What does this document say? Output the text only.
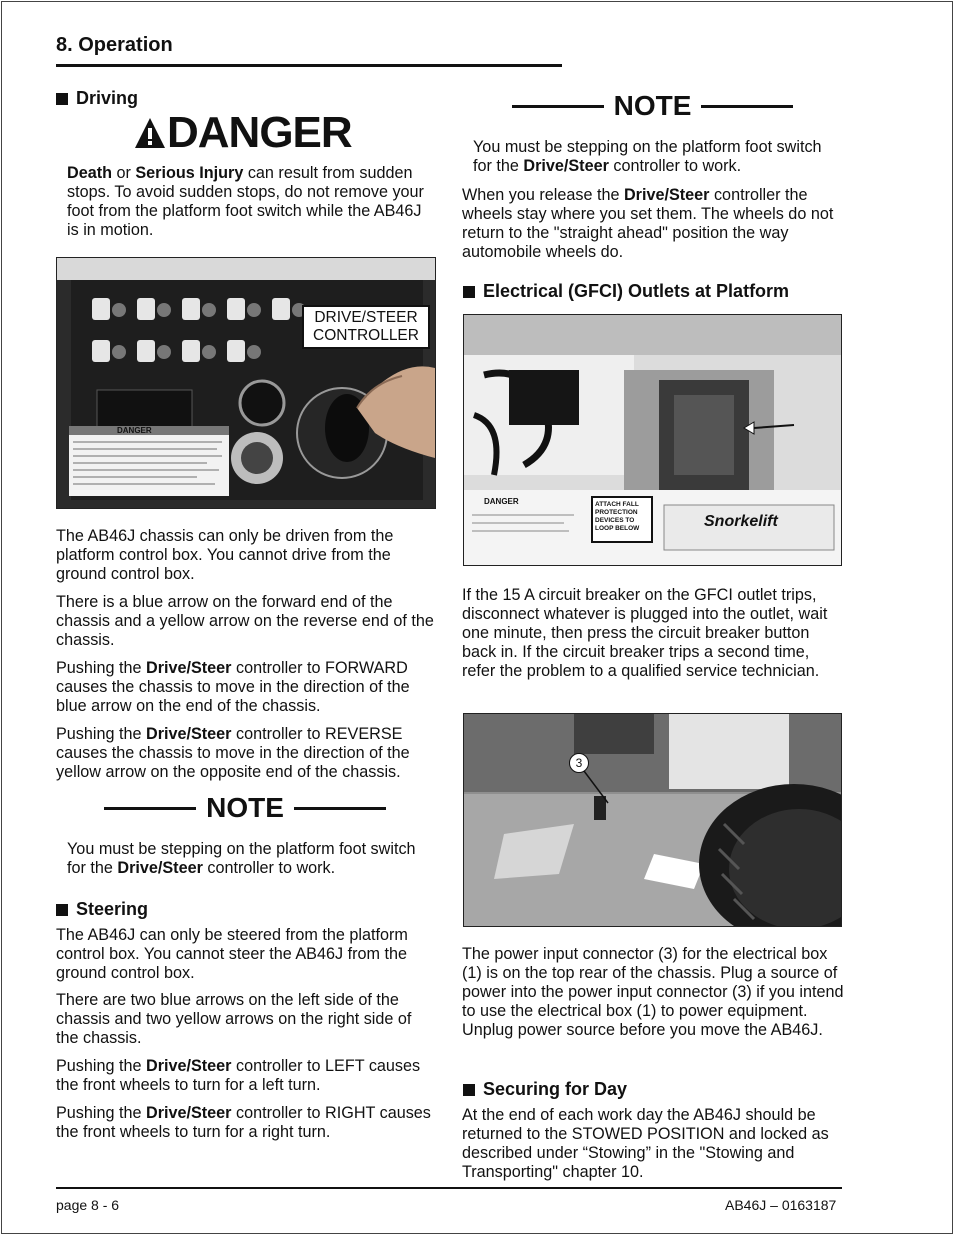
8. Operation
Driving
DANGER

Death or Serious Injury can result from sudden stops. To avoid sudden stops, do not remove your foot from the platform foot switch while the AB46J is in motion.

DANGER
DRIVE/STEER
CONTROLLER

The AB46J chassis can only be driven from the platform control box. You cannot drive from the ground control box.

There is a blue arrow on the forward end of the chassis and a yellow arrow on the reverse end of the chassis.

Pushing the Drive/Steer controller to FORWARD causes the chassis to move in the direction of the blue arrow on the end of the chassis.

Pushing the Drive/Steer controller to REVERSE causes the chassis to move in the direction of the yellow arrow on the opposite end of the chassis.

NOTE

You must be stepping on the platform foot switch for the Drive/Steer controller to work.

Steering

The AB46J can only be steered from the platform control box. You cannot steer the AB46J from the ground control box.

There are two blue arrows on the left side of the chassis and two yellow arrows on the right side of the chassis.

Pushing the Drive/Steer controller to LEFT causes the front wheels to turn for a left turn.

Pushing the Drive/Steer controller to RIGHT causes the front wheels to turn for a right turn.

NOTE

You must be stepping on the platform foot switch for the Drive/Steer controller to work.

When you release the Drive/Steer controller the wheels stay where you set them. The wheels do not return to the "straight ahead" position the way automobile wheels do.

Electrical (GFCI) Outlets at Platform
DANGER	ATTACH FALL PROTECTION DEVICES TO LOOP BELOW	Snorkelift

If the 15 A circuit breaker on the GFCI outlet trips, disconnect whatever is plugged into the outlet, wait one minute, then press the circuit breaker button back in. If the circuit breaker trips a second time, refer the problem to a qualified service technician.

3

The power input connector (3) for the electrical box (1) is on the top rear of the chassis. Plug a source of power into the power input connector (3) if you intend to use the electrical box (1) to power equipment. Unplug power source before you move the AB46J.

Securing for Day

At the end of each work day the AB46J should be returned to the STOWED POSITION and locked as described under “Stowing” in the "Stowing and Transporting" chapter 10.

page 8 - 6	AB46J – 0163187
